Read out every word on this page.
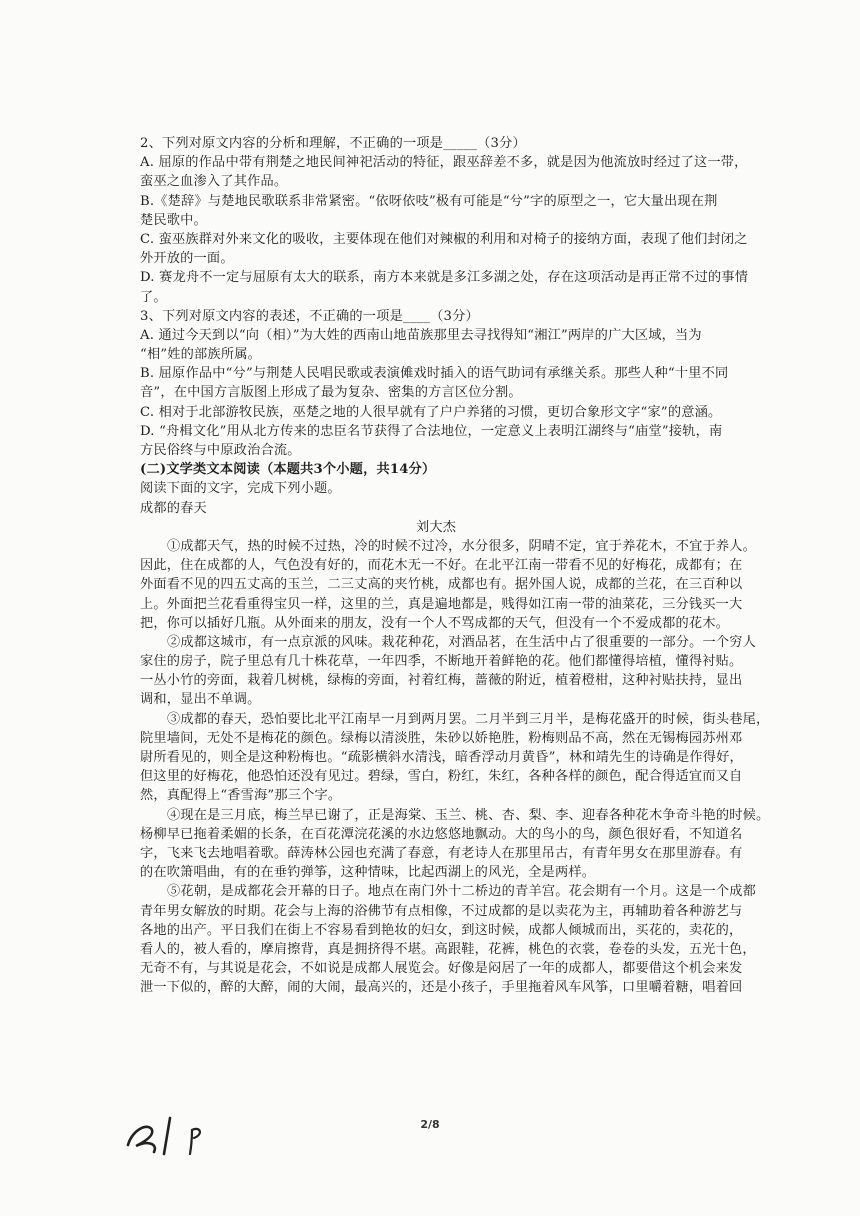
2、下列对原文内容的分析和理解，不正确的一项是_____（3分）
A. 屈原的作品中带有荆楚之地民间神祀活动的特征，跟巫辞差不多，就是因为他流放时经过了这一带，
蛮巫之血渗入了其作品。
B.《楚辞》与楚地民歌联系非常紧密。“依呀依吱”极有可能是“兮”字的原型之一，它大量出现在荆
楚民歌中。
C. 蛮巫族群对外来文化的吸收，主要体现在他们对辣椒的利用和对椅子的接纳方面，表现了他们封闭之
外开放的一面。
D. 赛龙舟不一定与屈原有太大的联系，南方本来就是多江多湖之处，存在这项活动是再正常不过的事情
了。
3、下列对原文内容的表述，不正确的一项是____（3分）
A. 通过今天到以“向（相）”为大姓的西南山地苗族那里去寻找得知“湘江”两岸的广大区域，当为
“相”姓的部族所属。
B. 屈原作品中“兮”与荆楚人民唱民歌或表演傩戏时插入的语气助词有承继关系。那些人种“十里不同
音”，在中国方言版图上形成了最为复杂、密集的方言区位分割。
C. 相对于北部游牧民族，巫楚之地的人很早就有了户户养猪的习惯，更切合象形文字“家”的意涵。
D. “舟楫文化”用从北方传来的忠臣名节获得了合法地位，一定意义上表明江湖终与“庙堂”接轨，南
方民俗终与中原政治合流。
(二)文学类文本阅读（本题共3个小题，共14分）
阅读下面的文字，完成下列小题。
成都的春天
刘大杰
①成都天气，热的时候不过热，冷的时候不过冷，水分很多，阴晴不定，宜于养花木，不宜于养人。
因此，住在成都的人，气色没有好的，而花木无一不好。在北平江南一带看不见的好梅花，成都有；在
外面看不见的四五丈高的玉兰，二三丈高的夹竹桃，成都也有。据外国人说，成都的兰花，在三百种以
上。外面把兰花看重得宝贝一样，这里的兰，真是遍地都是，贱得如江南一带的油菜花，三分钱买一大
把，你可以插好几瓶。从外面来的朋友，没有一个人不骂成都的天气，但没有一个不爱成都的花木。
②成都这城市，有一点京派的风味。栽花种花，对酒品茗，在生活中占了很重要的一部分。一个穷人
家住的房子，院子里总有几十株花草，一年四季，不断地开着鲜艳的花。他们都懂得培植，懂得衬贴。
一丛小竹的旁面，栽着几树桃，绿梅的旁面，衬着红梅，蔷薇的附近，植着橙柑，这种衬贴扶持，显出
调和，显出不单调。
③成都的春天，恐怕要比北平江南早一月到两月罢。二月半到三月半，是梅花盛开的时候，街头巷尾，
院里墙间，无处不是梅花的颜色。绿梅以清淡胜，朱砂以娇艳胜，粉梅则品不高，然在无锡梅园苏州邓
尉所看见的，则全是这种粉梅也。“疏影横斜水清浅，暗香浮动月黄昏”，林和靖先生的诗确是作得好，
但这里的好梅花，他恐怕还没有见过。碧绿，雪白，粉红，朱红，各种各样的颜色，配合得适宜而又自
然，真配得上“香雪海”那三个字。
④现在是三月底，梅兰早已谢了，正是海棠、玉兰、桃、杏、梨、李、迎春各种花木争奇斗艳的时候。
杨柳早已拖着柔媚的长条，在百花潭浣花溪的水边悠悠地飘动。大的鸟小的鸟，颜色很好看，不知道名
字，飞来飞去地唱着歌。薛涛林公园也充满了春意，有老诗人在那里吊古，有青年男女在那里游春。有
的在吹箫唱曲，有的在垂钓弹筝，这种情味，比起西湖上的风光，全是两样。
⑤花朝，是成都花会开幕的日子。地点在南门外十二桥边的青羊宫。花会期有一个月。这是一个成都
青年男女解放的时期。花会与上海的浴佛节有点相像，不过成都的是以卖花为主，再辅助着各种游艺与
各地的出产。平日我们在街上不容易看到艳妆的妇女，到这时候，成都人倾城而出，买花的，卖花的，
看人的，被人看的，摩肩擦背，真是拥挤得不堪。高跟鞋，花裤，桃色的衣裳，卷卷的头发，五光十色，
无奇不有，与其说是花会，不如说是成都人展览会。好像是闷居了一年的成都人，都要借这个机会来发
泄一下似的，醉的大醉，闹的大闹，最高兴的，还是小孩子，手里拖着风车风筝，口里嚼着糖，唱着回
2/8
